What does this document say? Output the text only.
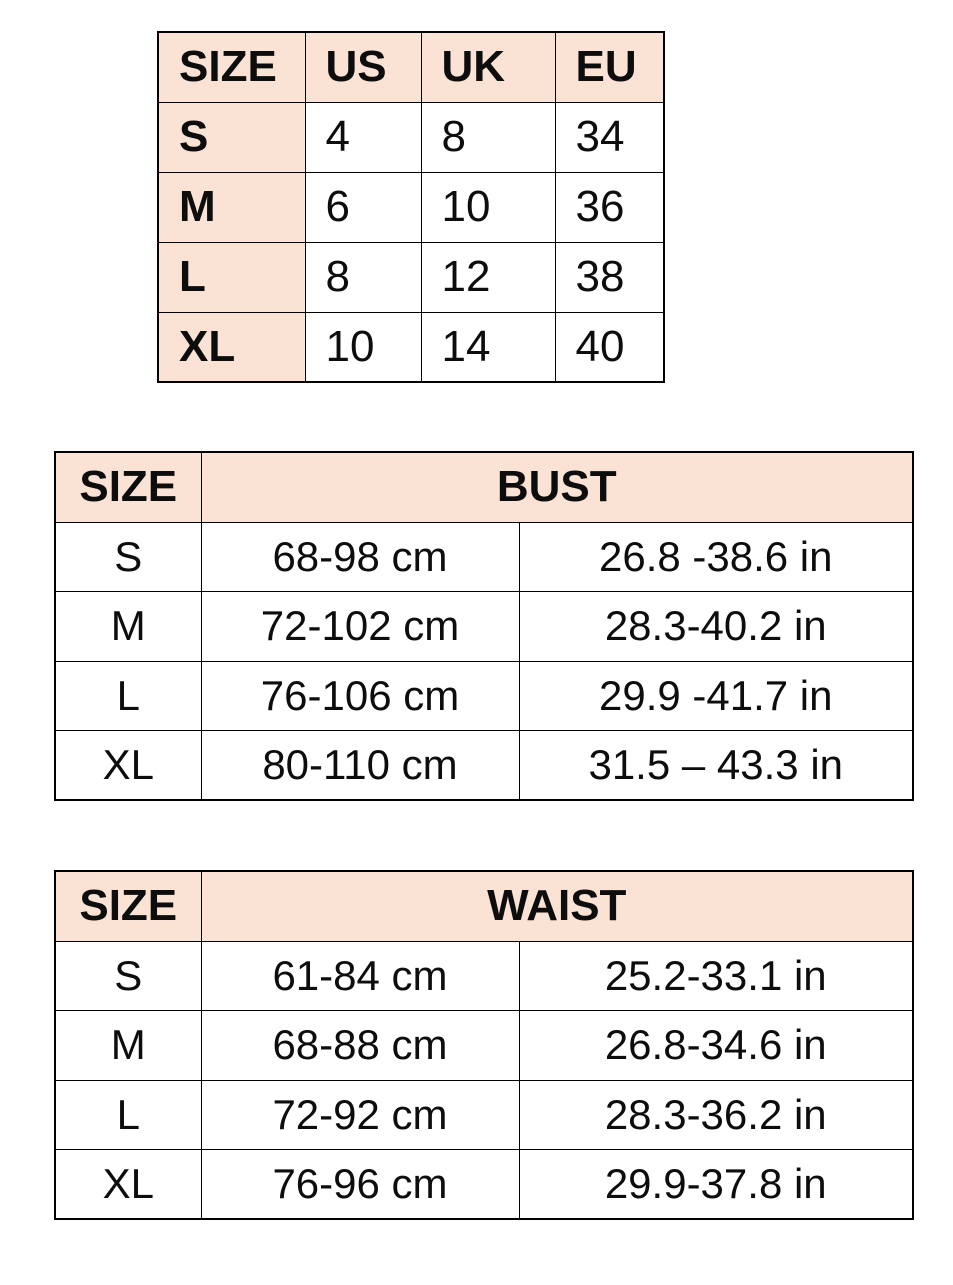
SIZE	US	UK	EU
S	4	8	34
M	6	10	36
L	8	12	38
XL	10	14	40
SIZE	BUST	
S	68-98 cm	26.8 -38.6 in
M	72-102 cm	28.3-40.2 in
L	76-106 cm	29.9 -41.7 in
XL	80-110 cm	31.5 – 43.3 in
SIZE	WAIST	
S	61-84 cm	25.2-33.1 in
M	68-88 cm	26.8-34.6 in
L	72-92 cm	28.3-36.2 in
XL	76-96 cm	29.9-37.8 in
